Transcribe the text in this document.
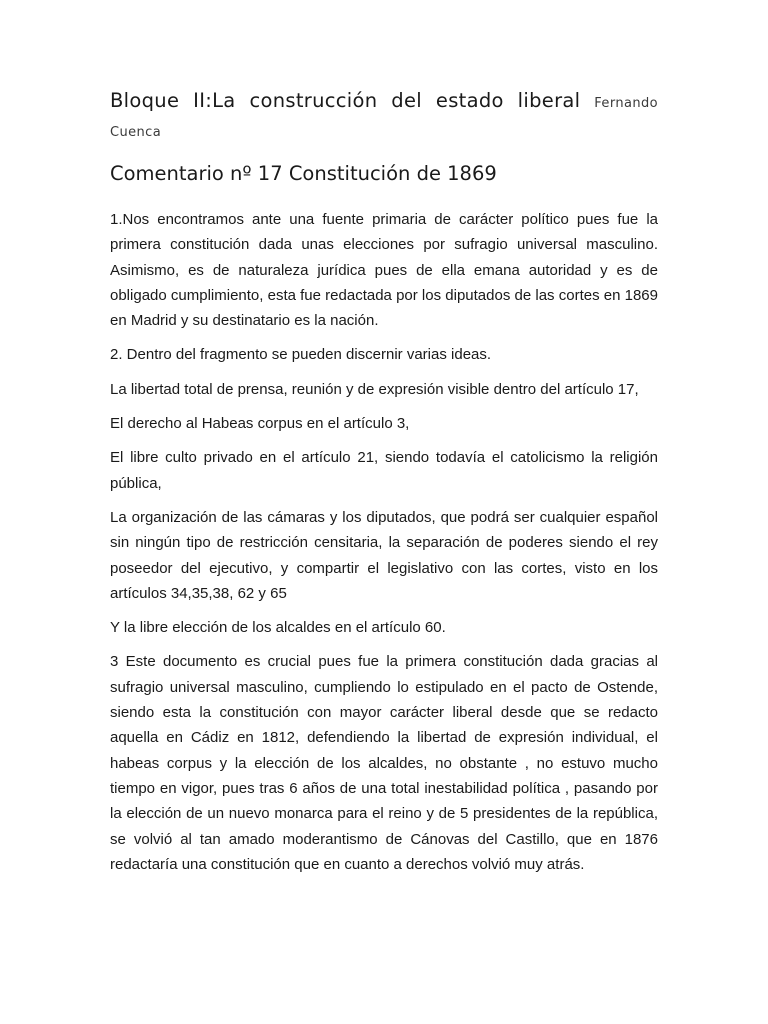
Bloque II:La construcción del estado liberal Fernando

Cuenca

Comentario nº 17 Constitución de 1869

1.Nos encontramos ante una fuente primaria de carácter político pues fue la primera constitución dada unas elecciones por sufragio universal masculino. Asimismo, es de naturaleza jurídica pues de ella emana autoridad y es de obligado cumplimiento, esta fue redactada por los diputados de las cortes en 1869 en Madrid y su destinatario es la nación.

2. Dentro del fragmento se pueden discernir varias ideas.

La libertad total de prensa, reunión y de expresión visible dentro del artículo 17,

El derecho al Habeas corpus en el artículo 3,

El libre culto privado en el artículo 21, siendo todavía el catolicismo la religión pública,

La organización de las cámaras y los diputados, que podrá ser cualquier español sin ningún tipo de restricción censitaria, la separación de poderes siendo el rey poseedor del ejecutivo, y compartir el legislativo con las cortes, visto en los artículos 34,35,38, 62 y 65

Y la libre elección de los alcaldes en el artículo 60.

3 Este documento es crucial pues fue la primera constitución dada gracias al sufragio universal masculino, cumpliendo lo estipulado en el pacto de Ostende, siendo esta la constitución con mayor carácter liberal desde que se redacto aquella en Cádiz en 1812, defendiendo la libertad de expresión individual, el habeas corpus y la elección de los alcaldes, no obstante , no estuvo mucho tiempo en vigor, pues tras 6 años de una total inestabilidad política , pasando por la elección de un nuevo monarca para el reino y de 5 presidentes de la república, se volvió al tan amado moderantismo de Cánovas del Castillo, que en 1876 redactaría una constitución que en cuanto a derechos volvió muy atrás.
